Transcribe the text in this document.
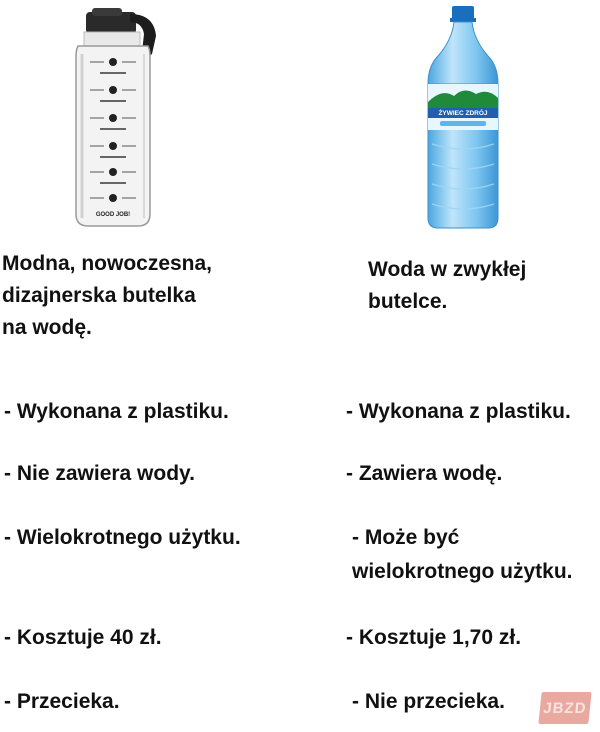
GOOD JOB!
ŻYWIEC ZDRÓJ
Modna, nowoczesna,
dizajnerska butelka
na wodę.
Woda w zwykłej
butelce.
- Wykonana z plastiku.
- Nie zawiera wody.
- Wielokrotnego użytku.
- Kosztuje 40 zł.
- Przecieka.
- Wykonana z plastiku.
- Zawiera wodę.
- Może być
wielokrotnego użytku.
- Kosztuje 1,70 zł.
- Nie przecieka.	JBZD
